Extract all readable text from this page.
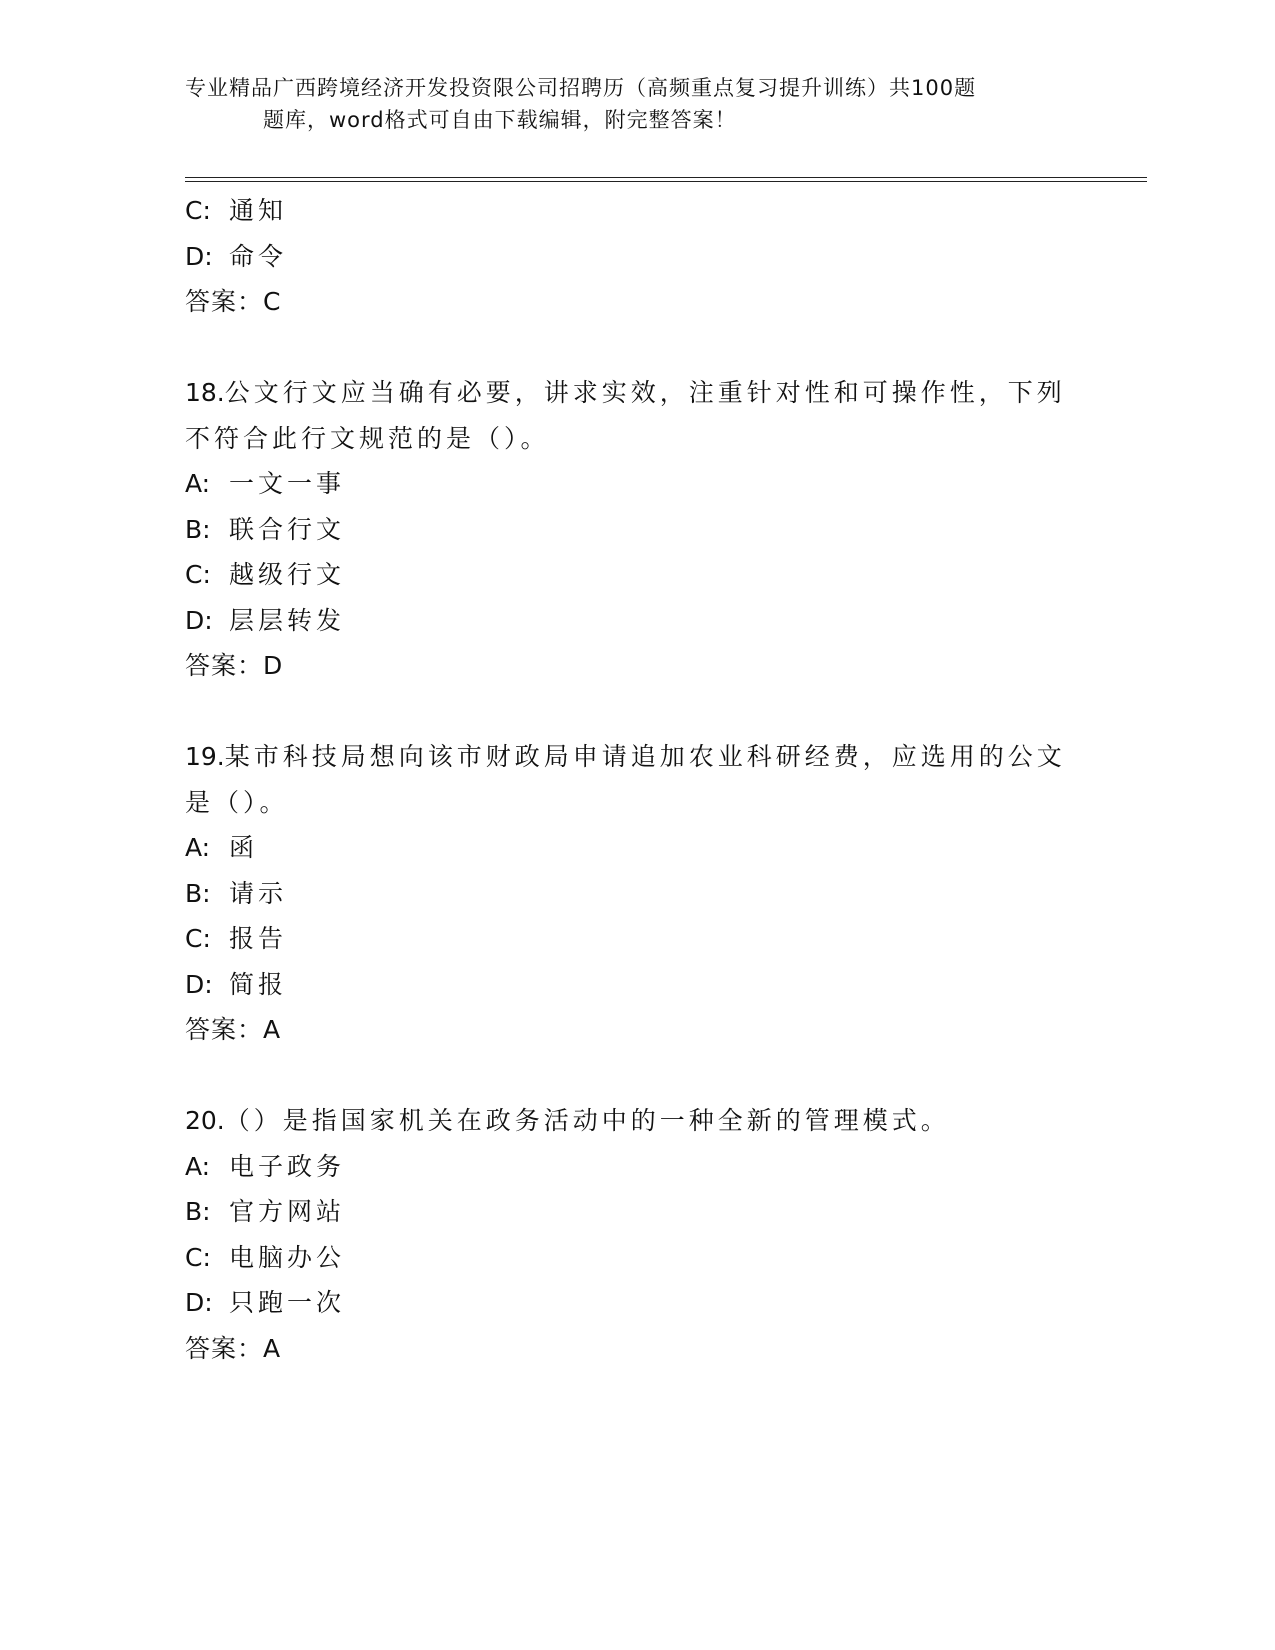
专业精品广西跨境经济开发投资限公司招聘历（高频重点复习提升训练）共100题
题库，word格式可自由下载编辑，附完整答案！
C: 通知
D: 命令
答案：C
18.公文行文应当确有必要，讲求实效，注重针对性和可操作性，下列
不符合此行文规范的是（）。
A: 一文一事
B: 联合行文
C: 越级行文
D: 层层转发
答案：D
19.某市科技局想向该市财政局申请追加农业科研经费，应选用的公文
是（）。
A: 函
B: 请示
C: 报告
D: 简报
答案：A
20.（）是指国家机关在政务活动中的一种全新的管理模式。
A: 电子政务
B: 官方网站
C: 电脑办公
D: 只跑一次
答案：A
